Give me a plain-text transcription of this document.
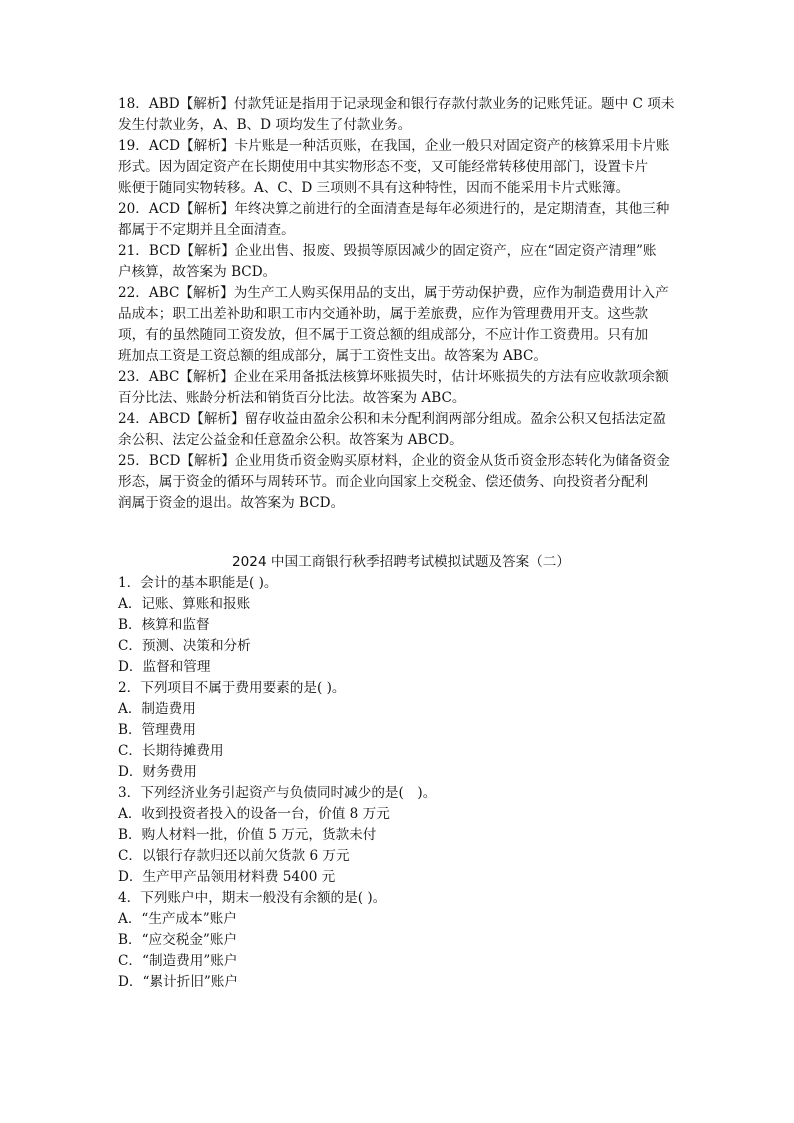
18．ABD【解析】付款凭证是指用于记录现金和银行存款付款业务的记账凭证。题中 C 项未
发生付款业务，A、B、D 项均发生了付款业务。
19．ACD【解析】卡片账是一种活页账，在我国，企业一般只对固定资产的核算采用卡片账
形式。因为固定资产在长期使用中其实物形态不变，又可能经常转移使用部门，设置卡片
账便于随同实物转移。A、C、D 三项则不具有这种特性，因而不能采用卡片式账簿。
20．ACD【解析】年终决算之前进行的全面清查是每年必须进行的，是定期清查，其他三种
都属于不定期并且全面清查。
21．BCD【解析】企业出售、报废、毁损等原因减少的固定资产，应在“固定资产清理”账
户核算，故答案为 BCD。
22．ABC【解析】为生产工人购买保用品的支出，属于劳动保护费，应作为制造费用计入产
品成本；职工出差补助和职工市内交通补助，属于差旅费，应作为管理费用开支。这些款
项，有的虽然随同工资发放，但不属于工资总额的组成部分，不应计作工资费用。只有加
班加点工资是工资总额的组成部分，属于工资性支出。故答案为 ABC。
23．ABC【解析】企业在采用备抵法核算坏账损失时，估计坏账损失的方法有应收款项余额
百分比法、账龄分析法和销货百分比法。故答案为 ABC。
24．ABCD【解析】留存收益由盈余公积和未分配利润两部分组成。盈余公积又包括法定盈
余公积、法定公益金和任意盈余公积。故答案为 ABCD。
25．BCD【解析】企业用货币资金购买原材料，企业的资金从货币资金形态转化为储备资金
形态，属于资金的循环与周转环节。而企业向国家上交税金、偿还债务、向投资者分配利
润属于资金的退出。故答案为 BCD。
2024 中国工商银行秋季招聘考试模拟试题及答案（二）
1．会计的基本职能是( )。
A．记账、算账和报账
B．核算和监督
C．预测、决策和分析
D．监督和管理
2．下列项目不属于费用要素的是( )。
A．制造费用
B．管理费用
C．长期待摊费用
D．财务费用
3．下列经济业务引起资产与负债同时减少的是(　)。
A．收到投资者投入的设备一台，价值 8 万元
B．购人材料一批，价值 5 万元，货款未付
C．以银行存款归还以前欠货款 6 万元
D．生产甲产品领用材料费 5400 元
4．下列账户中，期末一般没有余额的是( )。
A．“生产成本”账户
B．“应交税金”账户
C．“制造费用”账户
D．“累计折旧”账户
